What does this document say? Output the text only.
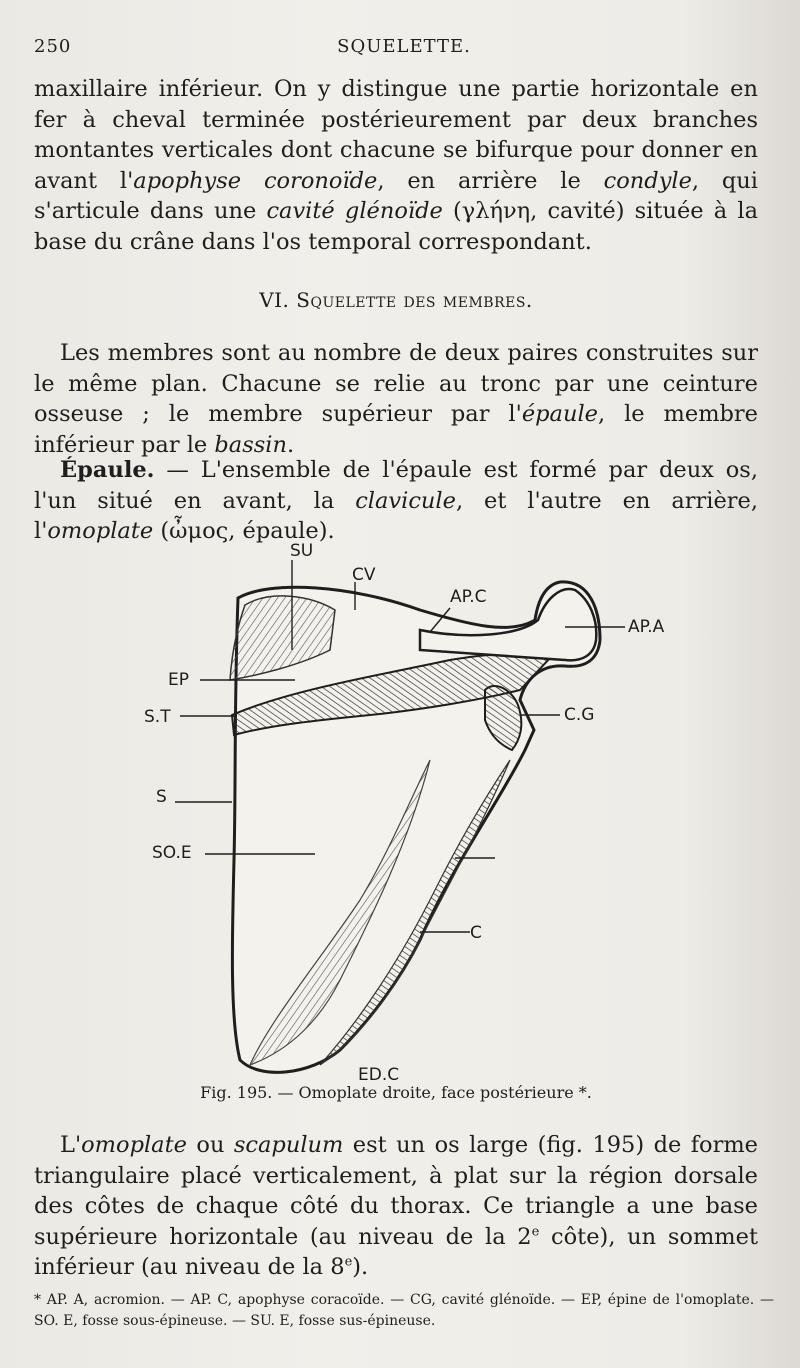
250	SQUELETTE.
maxillaire inférieur. On y distingue une partie horizontale en fer à cheval terminée postérieurement par deux branches montantes verticales dont chacune se bifurque pour donner en avant l'apophyse coronoïde, en arrière le condyle, qui s'articule dans une cavité glénoïde (γλήνη, cavité) située à la base du crâne dans l'os temporal correspondant.
VI. Squelette des membres.
Les membres sont au nombre de deux paires construites sur le même plan. Chacune se relie au tronc par une ceinture osseuse ; le membre supérieur par l'épaule, le membre inférieur par le bassin.
Épaule. — L'ensemble de l'épaule est formé par deux os, l'un situé en avant, la clavicule, et l'autre en arrière, l'omoplate (ὦμος, épaule).
SU
CV
AP.C
AP.A
EP
S.T	C.G
S
SO.E
C
ED.C
Fig. 195. — Omoplate droite, face postérieure *.
L'omoplate ou scapulum est un os large (fig. 195) de forme triangulaire placé verticalement, à plat sur la région dorsale des côtes de chaque côté du thorax. Ce triangle a une base supérieure horizontale (au niveau de la 2e côte), un sommet inférieur (au niveau de la 8e).
* AP. A, acromion. — AP. C, apophyse coracoïde. — CG, cavité glénoïde. — EP, épine de l'omoplate. — SO. E, fosse sous-épineuse. — SU. E, fosse sus-épineuse.
